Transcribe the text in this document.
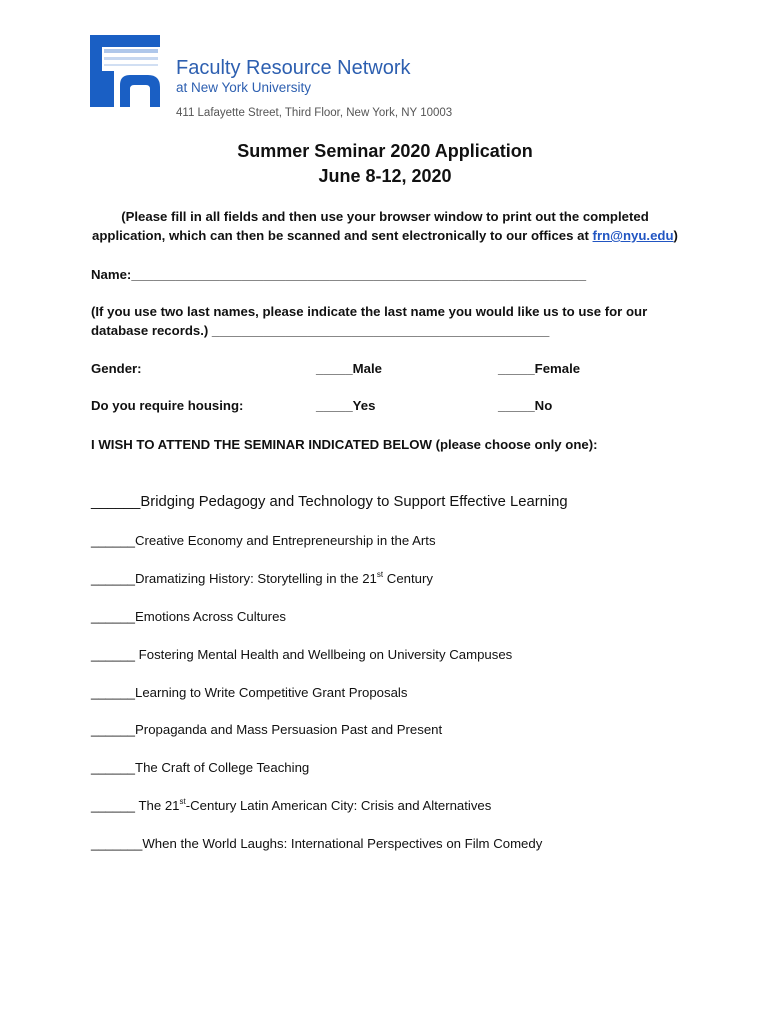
Faculty Resource Network
at New York University
411 Lafayette Street, Third Floor, New York, NY 10003
Summer Seminar 2020 Application
June 8-12, 2020
(Please fill in all fields and then use your browser window to print out the completed
application, which can then be scanned and sent electronically to our offices at frn@nyu.edu)
Name:______________________________________________________________
(If you use two last names, please indicate the last name you would like us to use for our
database records.) ______________________________________________
Gender:	_____Male	_____Female
Do you require housing:	_____Yes	_____No
I WISH TO ATTEND THE SEMINAR INDICATED BELOW (please choose only one):
______Bridging Pedagogy and Technology to Support Effective Learning
______Creative Economy and Entrepreneurship in the Arts
______Dramatizing History: Storytelling in the 21st Century
______Emotions Across Cultures
______ Fostering Mental Health and Wellbeing on University Campuses
______Learning to Write Competitive Grant Proposals
______Propaganda and Mass Persuasion Past and Present
______The Craft of College Teaching
______ The 21st-Century Latin American City: Crisis and Alternatives
_______When the World Laughs: International Perspectives on Film Comedy
